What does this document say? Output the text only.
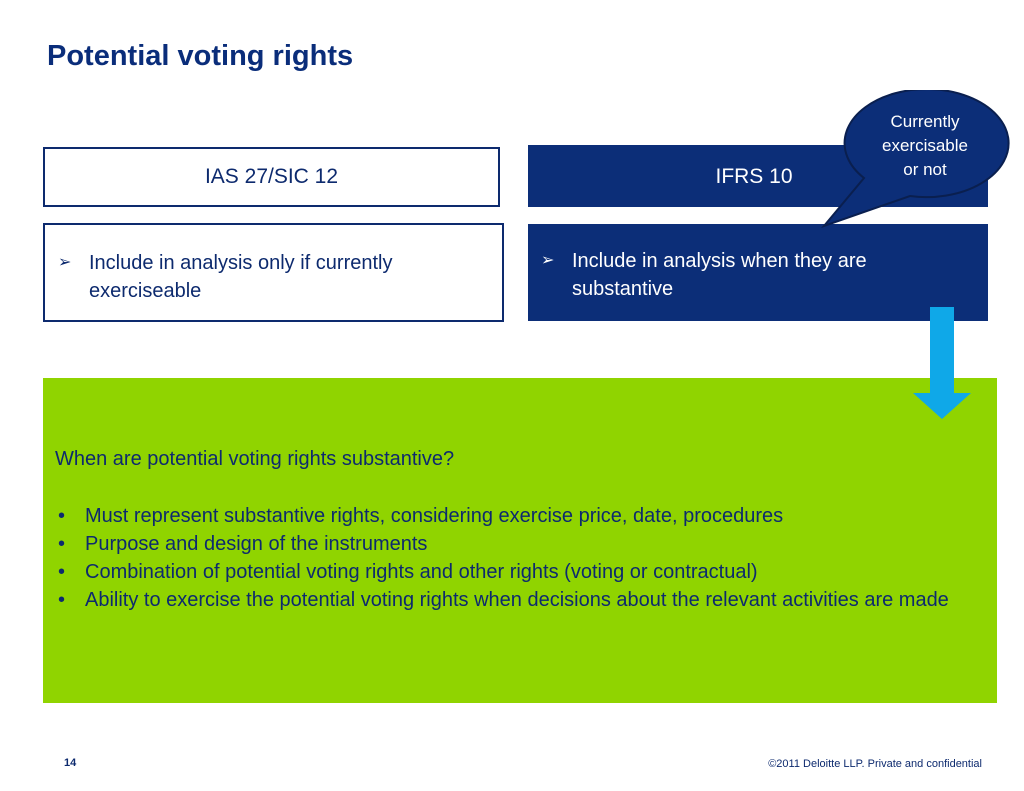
Potential voting rights
IAS 27/SIC 12
➢ Include in analysis only if currently exerciseable
IFRS 10
➢ Include in analysis when they are substantive
When are potential voting rights substantive?
• Must represent substantive rights, considering exercise price, date, procedures
• Purpose and design of the instruments
• Combination of potential voting rights and other rights (voting or contractual)
• Ability to exercise the potential voting rights when decisions about the relevant activities are made
Currently
exercisable
or not
14	©2011 Deloitte LLP. Private and confidential
